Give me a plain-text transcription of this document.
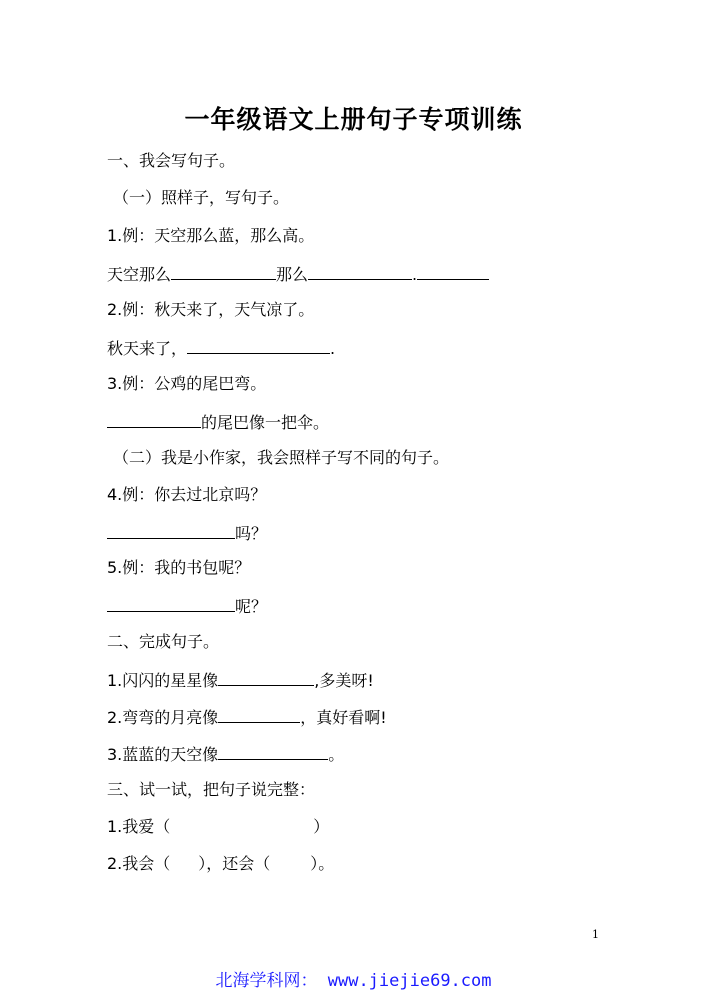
一年级语文上册句子专项训练
一、我会写句子。
（一）照样子，写句子。
1.例：天空那么蓝，那么高。
天空那么	那么	.
2.例：秋天来了，天气凉了。
秋天来了，	.
3.例：公鸡的尾巴弯。
的尾巴像一把伞。
（二）我是小作家，我会照样子写不同的句子。
4.例：你去过北京吗？
吗？
5.例：我的书包呢？
呢？
二、完成句子。
1.闪闪的星星像	,多美呀!
2.弯弯的月亮像	，真好看啊!
3.蓝蓝的天空像	。
三、试一试，把句子说完整：
1.我爱（	）
2.我会（ ），还会（	）。
1
北海学科网： www.jiejie69.com
